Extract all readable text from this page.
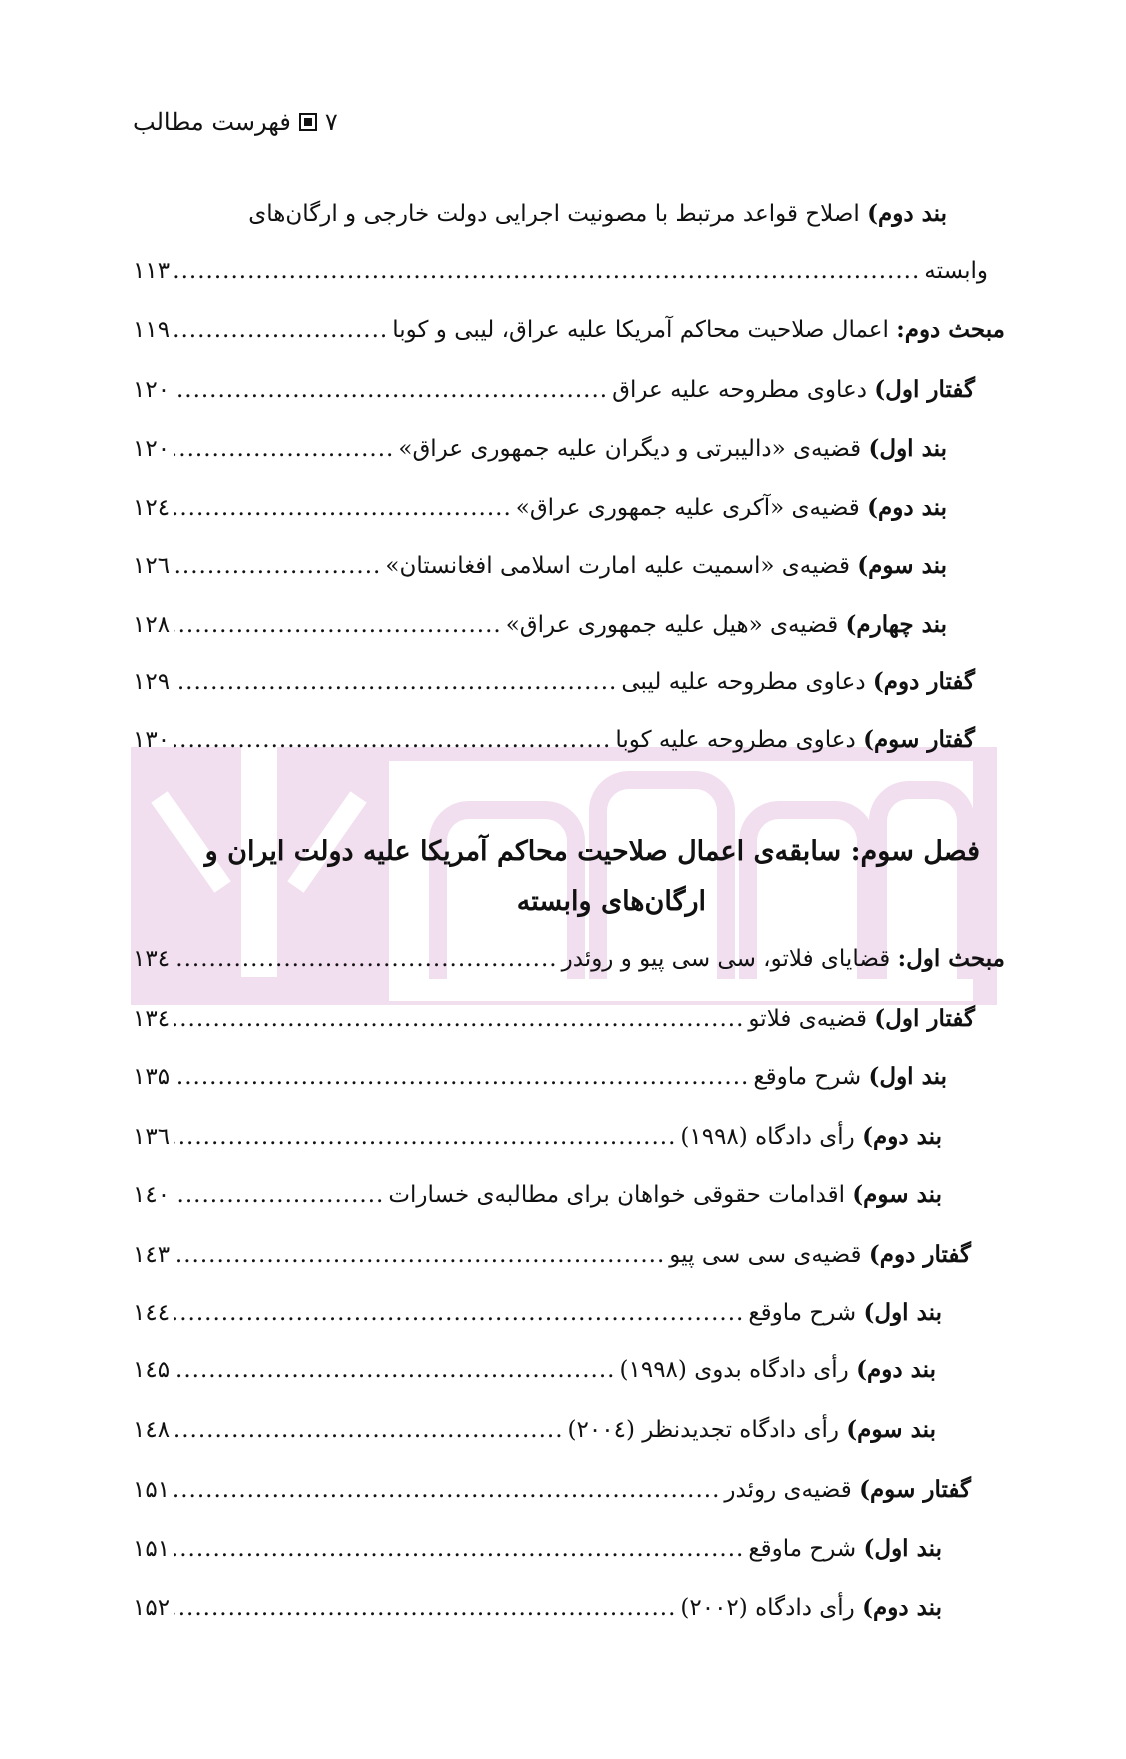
۷
فهرست مطالب
بند دوم) اصلاح قواعد مرتبط با مصونیت اجرایی دولت خارجی و ارگان‌های
وابسته
.....
۱۱۳
مبحث دوم:

اعمال صلاحیت محاکم آمریکا علیه عراق، لیبی و کوبا
.....
۱۱۹
گفتار اول)

دعاوی مطروحه علیه عراق
.....
۱۲۰
بند اول)

قضیه‌ی «دالیبرتی و دیگران علیه جمهوری عراق»
.....
۱۲۰
بند دوم)

قضیه‌ی «آکری علیه جمهوری عراق»
.....
۱۲٤
بند سوم)

قضیه‌ی «اسمیت علیه امارت اسلامی افغانستان»
.....
۱۲٦
بند چهارم)

قضیه‌ی «هیل علیه جمهوری عراق»
.....
۱۲۸
گفتار دوم)

دعاوی مطروحه علیه لیبی
.....
۱۲۹
گفتار سوم)

دعاوی مطروحه علیه کوبا
.....
۱۳۰
فصل سوم: سابقه‌ی اعمال صلاحیت محاکم آمریکا علیه دولت ایران و
ارگان‌های وابسته
مبحث اول:

قضایای فلاتو، سی سی پیو و روئدر
.....
۱۳٤
گفتار اول)

قضیه‌ی فلاتو
.....
۱۳٤
بند اول)

شرح ماوقع
.....
۱۳۵
بند دوم)

رأی دادگاه (۱۹۹۸)
.....
۱۳٦
بند سوم)

اقدامات حقوقی خواهان برای مطالبه‌ی خسارات
.....
۱٤۰
گفتار دوم)

قضیه‌ی سی سی پیو
.....
۱٤۳
بند اول)

شرح ماوقع
.....
۱٤٤
بند دوم)

رأی دادگاه بدوی (۱۹۹۸)
.....
۱٤۵
بند سوم)

رأی دادگاه تجدیدنظر (۲۰۰٤)
.....
۱٤۸
گفتار سوم)

قضیه‌ی روئدر
.....
۱۵۱
بند اول)

شرح ماوقع
.....
۱۵۱
بند دوم)

رأی دادگاه (۲۰۰۲)
.....
۱۵۲
